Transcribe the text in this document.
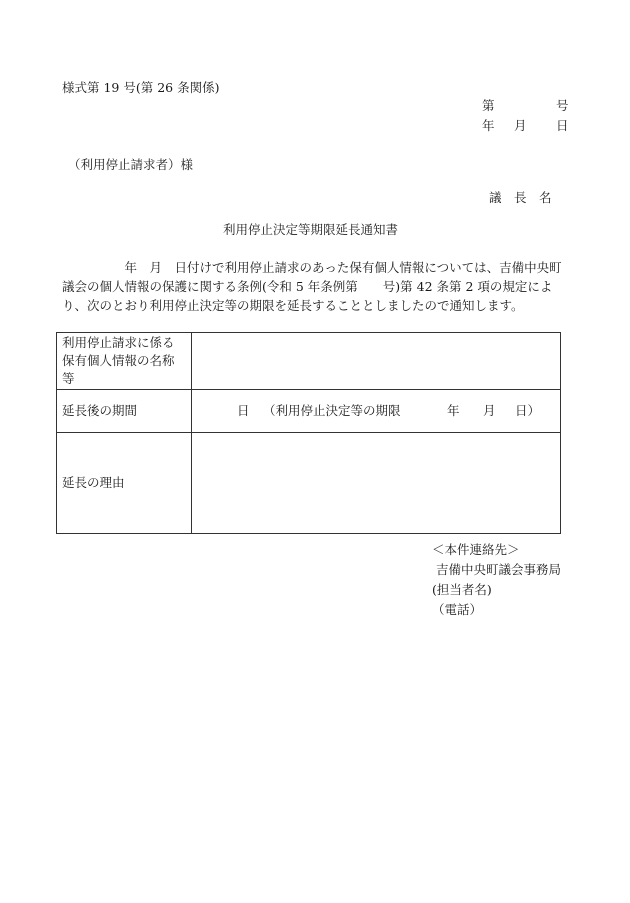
様式第 19 号(第 26 条関係)
第	号
年 月 日
（利用停止請求者）様
議　長　名
利用停止決定等期限延長通知書

　　　　　年　月　日付けで利用停止請求のあった保有個人情報については、吉備中央町

議会の個人情報の保護に関する条例(令和 5 年条例第　　号)第 42 条第 2 項の規定によ

り、次のとおり利用停止決定等の期限を延長することとしましたので通知します。

利用停止請求に係る
保有個人情報の名称
等	

延長後の期間	日 （利用停止決定等の期限 年 月 日）

延長の理由	
＜本件連絡先＞
吉備中央町議会事務局
(担当者名)
（電話）
